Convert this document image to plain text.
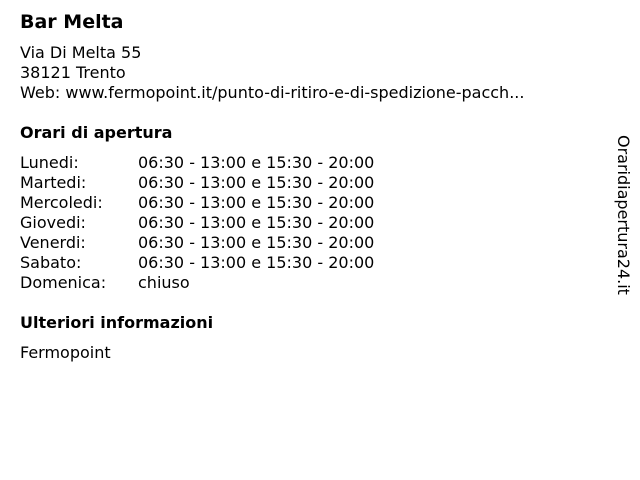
Bar Melta
Via Di Melta 55
38121 Trento
Web: www.fermopoint.it/punto-di-ritiro-e-di-spedizione-pacch...
Orari di apertura
Lunedi:	06:30 - 13:00 e 15:30 - 20:00
Martedi:	06:30 - 13:00 e 15:30 - 20:00
Mercoledi:	06:30 - 13:00 e 15:30 - 20:00
Giovedi:	06:30 - 13:00 e 15:30 - 20:00
Venerdi:	06:30 - 13:00 e 15:30 - 20:00
Sabato:	06:30 - 13:00 e 15:30 - 20:00
Domenica:	chiuso
Ulteriori informazioni
Fermopoint
Oraridiapertura24.it
